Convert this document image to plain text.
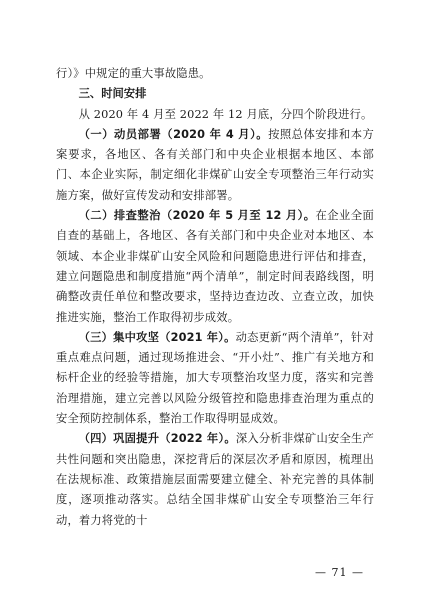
行）》中规定的重大事故隐患。

三、时间安排

从 2020 年 4 月至 2022 年 12 月底，分四个阶段进行。

（一）动员部署（2020 年 4 月）。按照总体安排和本方案要求，各地区、各有关部门和中央企业根据本地区、本部门、本企业实际，制定细化非煤矿山安全专项整治三年行动实施方案，做好宣传发动和安排部署。

（二）排查整治（2020 年 5 月至 12 月）。在企业全面自查的基础上，各地区、各有关部门和中央企业对本地区、本领域、本企业非煤矿山安全风险和问题隐患进行评估和排查，建立问题隐患和制度措施“两个清单”，制定时间表路线图，明确整改责任单位和整改要求，坚持边查边改、立查立改，加快推进实施，整治工作取得初步成效。

（三）集中攻坚（2021 年）。动态更新“两个清单”，针对重点难点问题，通过现场推进会、“开小灶”、推广有关地方和标杆企业的经验等措施，加大专项整治攻坚力度，落实和完善治理措施，建立完善以风险分级管控和隐患排查治理为重点的安全预防控制体系，整治工作取得明显成效。

（四）巩固提升（2022 年）。深入分析非煤矿山安全生产共性问题和突出隐患，深挖背后的深层次矛盾和原因，梳理出在法规标准、政策措施层面需要建立健全、补充完善的具体制度，逐项推动落实。总结全国非煤矿山安全专项整治三年行动，着力将党的十

— 71 —
